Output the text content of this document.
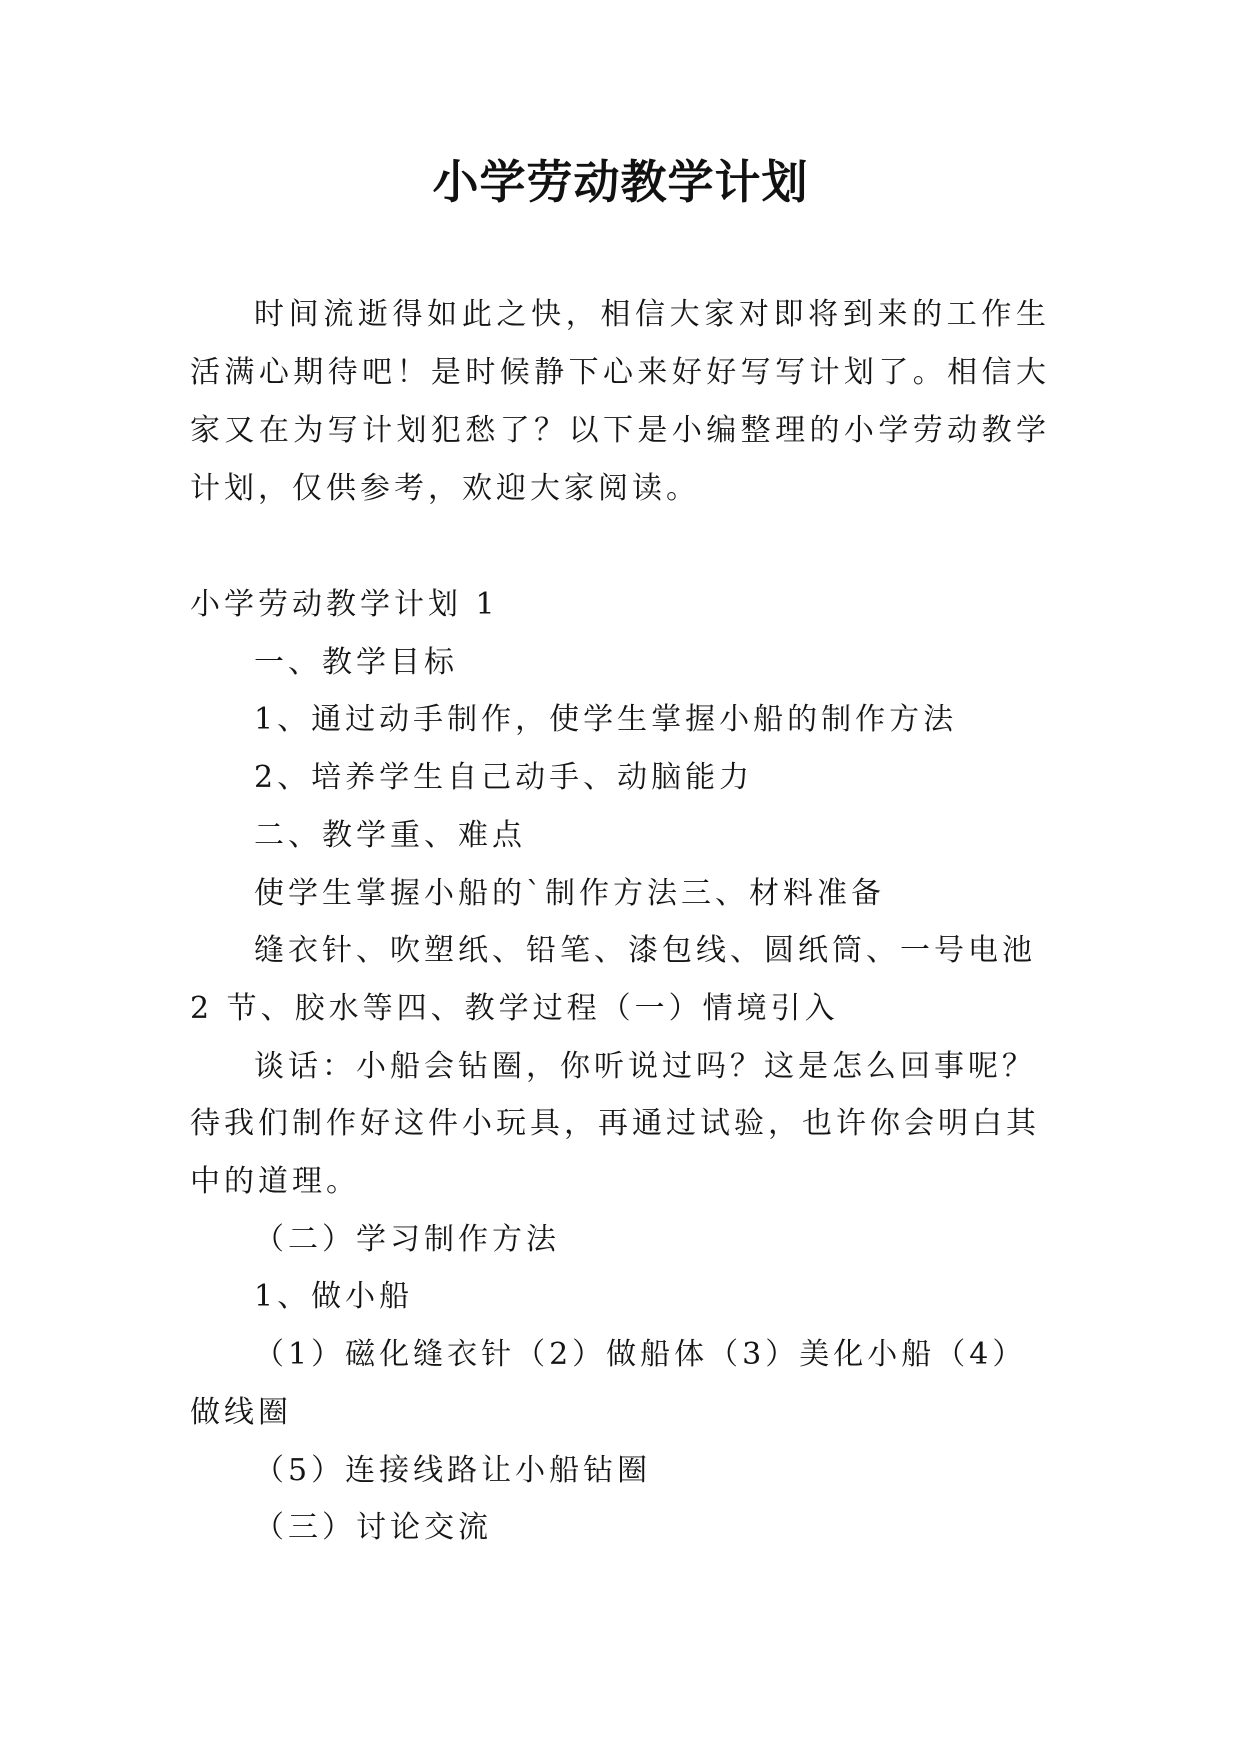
小学劳动教学计划

时间流逝得如此之快，相信大家对即将到来的工作生活满心期待吧！是时候静下心来好好写写计划了。相信大家又在为写计划犯愁了？以下是小编整理的小学劳动教学计划，仅供参考，欢迎大家阅读。

小学劳动教学计划 1

一、教学目标

1、通过动手制作，使学生掌握小船的制作方法

2、培养学生自己动手、动脑能力

二、教学重、难点

使学生掌握小船的`制作方法三、材料准备

缝衣针、吹塑纸、铅笔、漆包线、圆纸筒、一号电池 2 节、胶水等四、教学过程（一）情境引入

谈话：小船会钻圈，你听说过吗？这是怎么回事呢？待我们制作好这件小玩具，再通过试验，也许你会明白其中的道理。

（二）学习制作方法

1、做小船

（1）磁化缝衣针（2）做船体（3）美化小船（4）做线圈

（5）连接线路让小船钻圈

（三）讨论交流
